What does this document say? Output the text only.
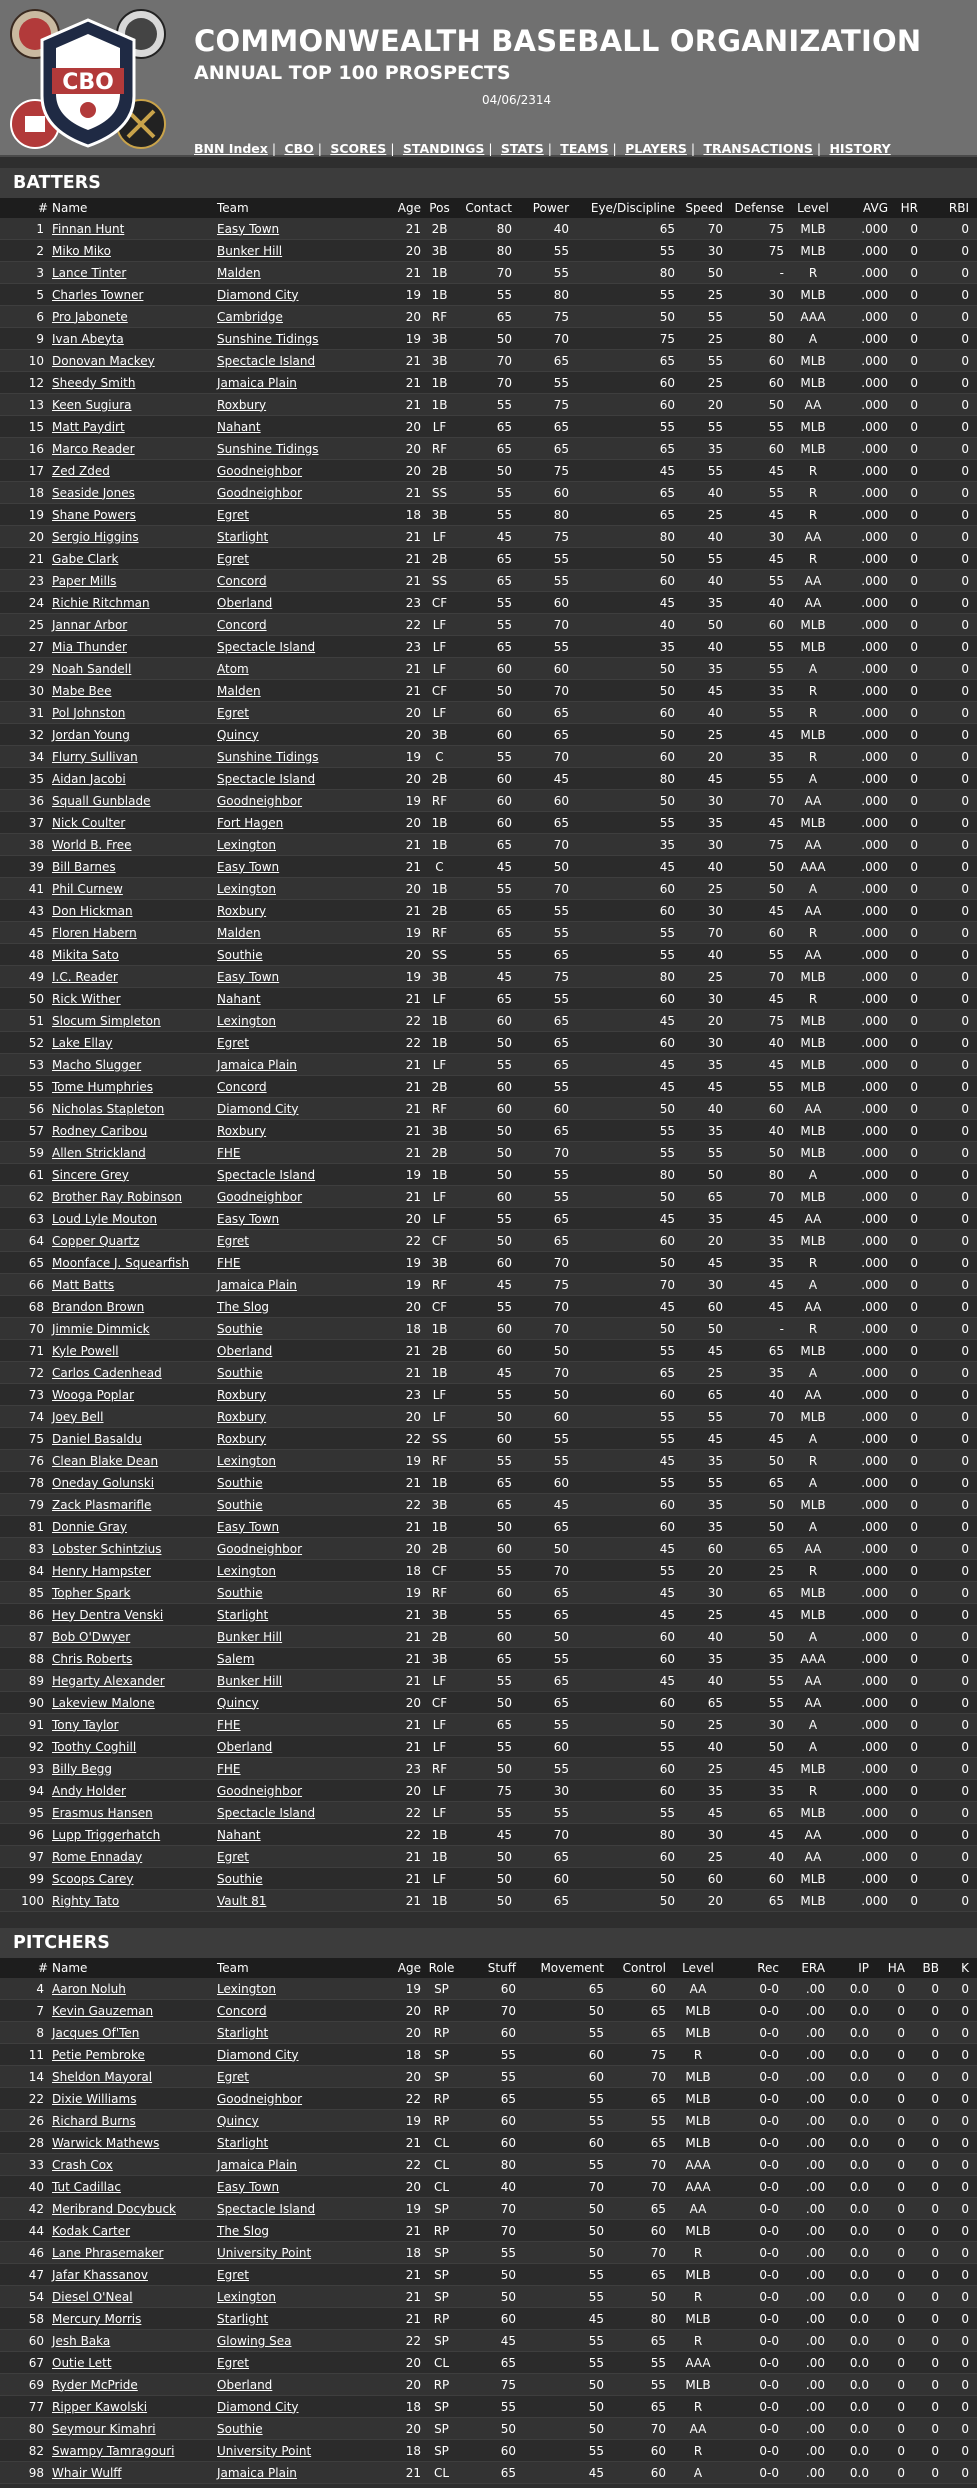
CBO
COMMONWEALTH BASEBALL ORGANIZATION
ANNUAL TOP 100 PROSPECTS
04/06/2314
BNN Index | CBO | SCORES | STANDINGS | STATS | TEAMS | PLAYERS | TRANSACTIONS | HISTORY
BATTERS
#	Name	Team	Age	Pos	Contact	Power	Eye/Discipline	Speed	Defense	Level	AVG	HR	RBI
1	Finnan Hunt	Easy Town	21	2B	80	40	65	70	75	MLB	.000	0	0
2	Miko Miko	Bunker Hill	20	3B	80	55	55	30	75	MLB	.000	0	0
3	Lance Tinter	Malden	21	1B	70	55	80	50	-	R	.000	0	0
5	Charles Towner	Diamond City	19	1B	55	80	55	25	30	MLB	.000	0	0
6	Pro Jabonete	Cambridge	20	RF	65	75	50	55	50	AAA	.000	0	0
9	Ivan Abeyta	Sunshine Tidings	19	3B	50	70	75	25	80	A	.000	0	0
10	Donovan Mackey	Spectacle Island	21	3B	70	65	65	55	60	MLB	.000	0	0
12	Sheedy Smith	Jamaica Plain	21	1B	70	55	60	25	60	MLB	.000	0	0
13	Keen Sugiura	Roxbury	21	1B	55	75	60	20	50	AA	.000	0	0
15	Matt Paydirt	Nahant	20	LF	65	65	55	55	55	MLB	.000	0	0
16	Marco Reader	Sunshine Tidings	20	RF	65	65	65	35	60	MLB	.000	0	0
17	Zed Zded	Goodneighbor	20	2B	50	75	45	55	45	R	.000	0	0
18	Seaside Jones	Goodneighbor	21	SS	55	60	65	40	55	R	.000	0	0
19	Shane Powers	Egret	18	3B	55	80	65	25	45	R	.000	0	0
20	Sergio Higgins	Starlight	21	LF	45	75	80	40	30	AA	.000	0	0
21	Gabe Clark	Egret	21	2B	65	55	50	55	45	R	.000	0	0
23	Paper Mills	Concord	21	SS	65	55	60	40	55	AA	.000	0	0
24	Richie Ritchman	Oberland	23	CF	55	60	45	35	40	AA	.000	0	0
25	Jannar Arbor	Concord	22	LF	55	70	40	50	60	MLB	.000	0	0
27	Mia Thunder	Spectacle Island	23	LF	65	55	35	40	55	MLB	.000	0	0
29	Noah Sandell	Atom	21	LF	60	60	50	35	55	A	.000	0	0
30	Mabe Bee	Malden	21	CF	50	70	50	45	35	R	.000	0	0
31	Pol Johnston	Egret	20	LF	60	65	60	40	55	R	.000	0	0
32	Jordan Young	Quincy	20	3B	60	65	50	25	45	MLB	.000	0	0
34	Flurry Sullivan	Sunshine Tidings	19	C	55	70	60	20	35	R	.000	0	0
35	Aidan Jacobi	Spectacle Island	20	2B	60	45	80	45	55	A	.000	0	0
36	Squall Gunblade	Goodneighbor	19	RF	60	60	50	30	70	AA	.000	0	0
37	Nick Coulter	Fort Hagen	20	1B	60	65	55	35	45	MLB	.000	0	0
38	World B. Free	Lexington	21	1B	65	70	35	30	75	AA	.000	0	0
39	Bill Barnes	Easy Town	21	C	45	50	45	40	50	AAA	.000	0	0
41	Phil Curnew	Lexington	20	1B	55	70	60	25	50	A	.000	0	0
43	Don Hickman	Roxbury	21	2B	65	55	60	30	45	AA	.000	0	0
45	Floren Habern	Malden	19	RF	65	55	55	70	60	R	.000	0	0
48	Mikita Sato	Southie	20	SS	55	65	55	40	55	AA	.000	0	0
49	I.C. Reader	Easy Town	19	3B	45	75	80	25	70	MLB	.000	0	0
50	Rick Wither	Nahant	21	LF	65	55	60	30	45	R	.000	0	0
51	Slocum Simpleton	Lexington	22	1B	60	65	45	20	75	MLB	.000	0	0
52	Lake Ellay	Egret	22	1B	50	65	60	30	40	MLB	.000	0	0
53	Macho Slugger	Jamaica Plain	21	LF	55	65	45	35	45	MLB	.000	0	0
55	Tome Humphries	Concord	21	2B	60	55	45	45	55	MLB	.000	0	0
56	Nicholas Stapleton	Diamond City	21	RF	60	60	50	40	60	AA	.000	0	0
57	Rodney Caribou	Roxbury	21	3B	50	65	55	35	40	MLB	.000	0	0
59	Allen Strickland	FHE	21	2B	50	70	55	55	50	MLB	.000	0	0
61	Sincere Grey	Spectacle Island	19	1B	50	55	80	50	80	A	.000	0	0
62	Brother Ray Robinson	Goodneighbor	21	LF	60	55	50	65	70	MLB	.000	0	0
63	Loud Lyle Mouton	Easy Town	20	LF	55	65	45	35	45	AA	.000	0	0
64	Copper Quartz	Egret	22	CF	50	65	60	20	35	MLB	.000	0	0
65	Moonface J. Squearfish	FHE	19	3B	60	70	50	45	35	R	.000	0	0
66	Matt Batts	Jamaica Plain	19	RF	45	75	70	30	45	A	.000	0	0
68	Brandon Brown	The Slog	20	CF	55	70	45	60	45	AA	.000	0	0
70	Jimmie Dimmick	Southie	18	1B	60	70	50	50	-	R	.000	0	0
71	Kyle Powell	Oberland	21	2B	60	50	55	45	65	MLB	.000	0	0
72	Carlos Cadenhead	Southie	21	1B	45	70	65	25	35	A	.000	0	0
73	Wooga Poplar	Roxbury	23	LF	55	50	60	65	40	AA	.000	0	0
74	Joey Bell	Roxbury	20	LF	50	60	55	55	70	MLB	.000	0	0
75	Daniel Basaldu	Roxbury	22	SS	60	55	55	45	45	A	.000	0	0
76	Clean Blake Dean	Lexington	19	RF	55	55	45	35	50	R	.000	0	0
78	Oneday Golunski	Southie	21	1B	65	60	55	55	65	A	.000	0	0
79	Zack Plasmarifle	Southie	22	3B	65	45	60	35	50	MLB	.000	0	0
81	Donnie Gray	Easy Town	21	1B	50	65	60	35	50	A	.000	0	0
83	Lobster Schintzius	Goodneighbor	20	2B	60	50	45	60	65	AA	.000	0	0
84	Henry Hampster	Lexington	18	CF	55	70	55	20	25	R	.000	0	0
85	Topher Spark	Southie	19	RF	60	65	45	30	65	MLB	.000	0	0
86	Hey Dentra Venski	Starlight	21	3B	55	65	45	25	45	MLB	.000	0	0
87	Bob O'Dwyer	Bunker Hill	21	2B	60	50	60	40	50	A	.000	0	0
88	Chris Roberts	Salem	21	3B	65	55	60	35	35	AAA	.000	0	0
89	Hegarty Alexander	Bunker Hill	21	LF	55	65	45	40	55	AA	.000	0	0
90	Lakeview Malone	Quincy	20	CF	50	65	60	65	55	AA	.000	0	0
91	Tony Taylor	FHE	21	LF	65	55	50	25	30	A	.000	0	0
92	Toothy Coghill	Oberland	21	LF	55	60	55	40	50	A	.000	0	0
93	Billy Begg	FHE	23	RF	50	55	60	25	45	MLB	.000	0	0
94	Andy Holder	Goodneighbor	20	LF	75	30	60	35	35	R	.000	0	0
95	Erasmus Hansen	Spectacle Island	22	LF	55	55	55	45	65	MLB	.000	0	0
96	Lupp Triggerhatch	Nahant	22	1B	45	70	80	30	45	AA	.000	0	0
97	Rome Ennaday	Egret	21	1B	50	65	60	25	40	AA	.000	0	0
99	Scoops Carey	Southie	21	LF	50	60	50	60	60	MLB	.000	0	0
100	Righty Tato	Vault 81	21	1B	50	65	50	20	65	MLB	.000	0	0
PITCHERS
#	Name	Team	Age	Role	Stuff	Movement	Control	Level	Rec	ERA	IP	HA	BB	K
4	Aaron Noluh	Lexington	19	SP	60	65	60	AA	0-0	.00	0.0	0	0	0
7	Kevin Gauzeman	Concord	20	RP	70	50	65	MLB	0-0	.00	0.0	0	0	0
8	Jacques Of'Ten	Starlight	20	RP	60	55	65	MLB	0-0	.00	0.0	0	0	0
11	Petie Pembroke	Diamond City	18	SP	55	60	75	R	0-0	.00	0.0	0	0	0
14	Sheldon Mayoral	Egret	20	SP	55	60	70	MLB	0-0	.00	0.0	0	0	0
22	Dixie Williams	Goodneighbor	22	RP	65	55	65	MLB	0-0	.00	0.0	0	0	0
26	Richard Burns	Quincy	19	RP	60	55	55	MLB	0-0	.00	0.0	0	0	0
28	Warwick Mathews	Starlight	21	CL	60	60	65	MLB	0-0	.00	0.0	0	0	0
33	Crash Cox	Jamaica Plain	22	CL	80	55	70	AAA	0-0	.00	0.0	0	0	0
40	Tut Cadillac	Easy Town	20	CL	40	70	70	AAA	0-0	.00	0.0	0	0	0
42	Meribrand Docybuck	Spectacle Island	19	SP	70	50	65	AA	0-0	.00	0.0	0	0	0
44	Kodak Carter	The Slog	21	RP	70	50	60	MLB	0-0	.00	0.0	0	0	0
46	Lane Phrasemaker	University Point	18	SP	55	50	70	R	0-0	.00	0.0	0	0	0
47	Jafar Khassanov	Egret	21	SP	50	55	65	MLB	0-0	.00	0.0	0	0	0
54	Diesel O'Neal	Lexington	21	SP	50	55	50	R	0-0	.00	0.0	0	0	0
58	Mercury Morris	Starlight	21	RP	60	45	80	MLB	0-0	.00	0.0	0	0	0
60	Jesh Baka	Glowing Sea	22	SP	45	55	65	R	0-0	.00	0.0	0	0	0
67	Outie Lett	Egret	20	CL	65	55	55	AAA	0-0	.00	0.0	0	0	0
69	Ryder McPride	Oberland	20	RP	75	50	55	MLB	0-0	.00	0.0	0	0	0
77	Ripper Kawolski	Diamond City	18	SP	55	50	65	R	0-0	.00	0.0	0	0	0
80	Seymour Kimahri	Southie	20	SP	50	50	70	AA	0-0	.00	0.0	0	0	0
82	Swampy Tamragouri	University Point	18	SP	60	55	60	R	0-0	.00	0.0	0	0	0
98	Whair Wulff	Jamaica Plain	21	CL	65	45	60	A	0-0	.00	0.0	0	0	0
